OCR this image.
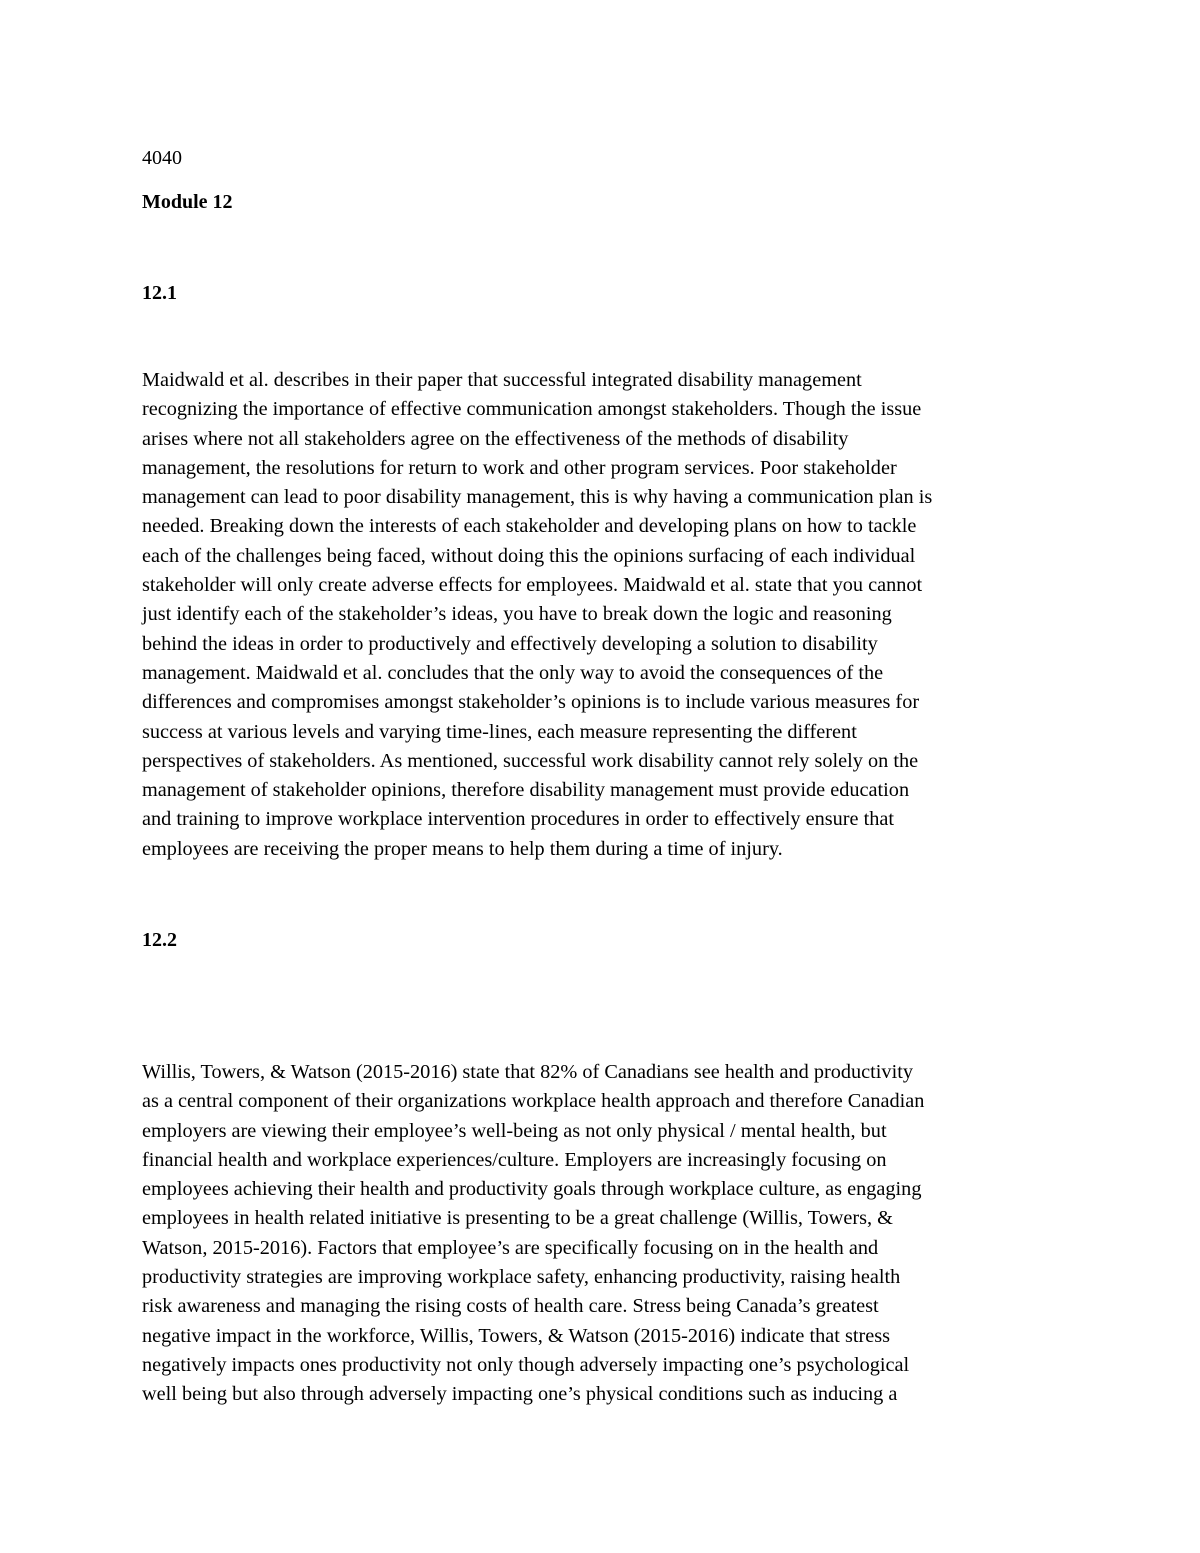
4040
Module 12
12.1
Maidwald et al. describes in their paper that successful integrated disability management
recognizing the importance of effective communication amongst stakeholders. Though the issue
arises where not all stakeholders agree on the effectiveness of the methods of disability
management, the resolutions for return to work and other program services. Poor stakeholder
management can lead to poor disability management, this is why having a communication plan is
needed. Breaking down the interests of each stakeholder and developing plans on how to tackle
each of the challenges being faced, without doing this the opinions surfacing of each individual
stakeholder will only create adverse effects for employees. Maidwald et al. state that you cannot
just identify each of the stakeholder’s ideas, you have to break down the logic and reasoning
behind the ideas in order to productively and effectively developing a solution to disability
management. Maidwald et al. concludes that the only way to avoid the consequences of the
differences and compromises amongst stakeholder’s opinions is to include various measures for
success at various levels and varying time-lines, each measure representing the different
perspectives of stakeholders. As mentioned, successful work disability cannot rely solely on the
management of stakeholder opinions, therefore disability management must provide education
and training to improve workplace intervention procedures in order to effectively ensure that
employees are receiving the proper means to help them during a time of injury.
12.2
Willis, Towers, & Watson (2015-2016) state that 82% of Canadians see health and productivity
as a central component of their organizations workplace health approach and therefore Canadian
employers are viewing their employee’s well-being as not only physical / mental health, but
financial health and workplace experiences/culture. Employers are increasingly focusing on
employees achieving their health and productivity goals through workplace culture, as engaging
employees in health related initiative is presenting to be a great challenge (Willis, Towers, &
Watson, 2015-2016). Factors that employee’s are specifically focusing on in the health and
productivity strategies are improving workplace safety, enhancing productivity, raising health
risk awareness and managing the rising costs of health care. Stress being Canada’s greatest
negative impact in the workforce, Willis, Towers, & Watson (2015-2016) indicate that stress
negatively impacts ones productivity not only though adversely impacting one’s psychological
well being but also through adversely impacting one’s physical conditions such as inducing a
